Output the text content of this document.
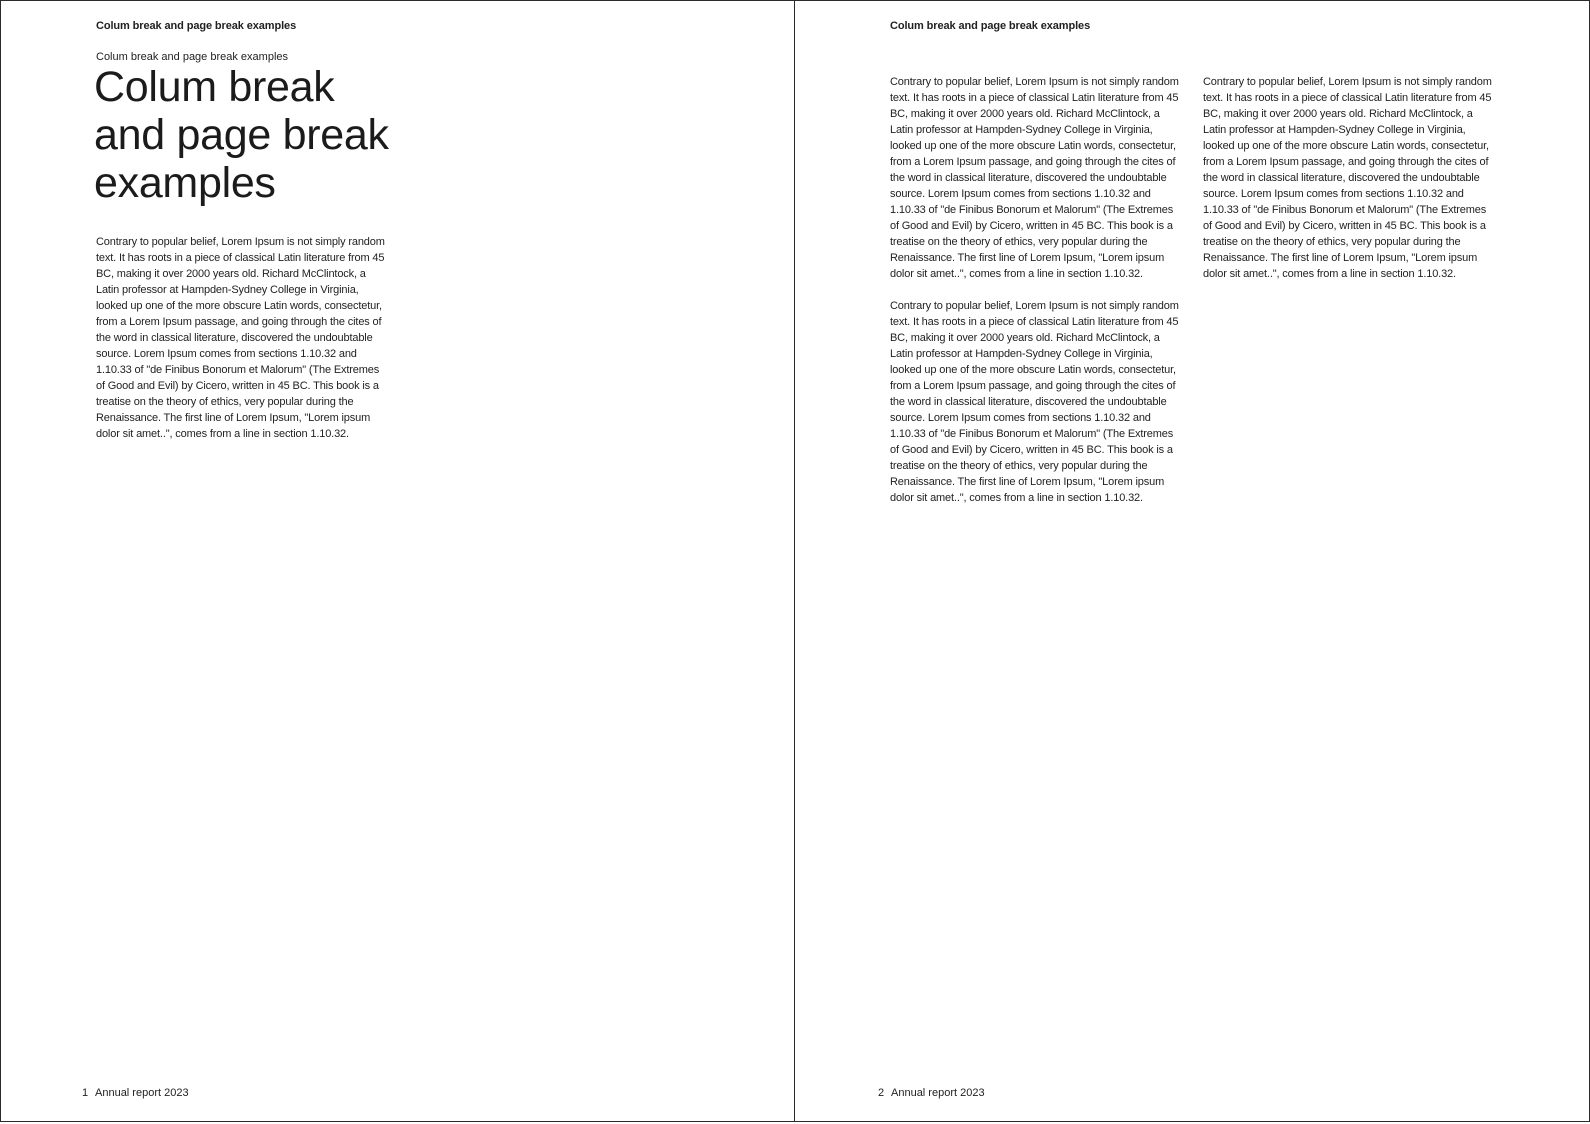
Colum break and page break examples
Colum break and page break examples
Colum break and page break examples

Contrary to popular belief, Lorem Ipsum is not simply random text. It has roots in a piece of classical Latin literature from 45 BC, making it over 2000 years old. Richard McClintock, a Latin professor at Hampden-Sydney College in Virginia, looked up one of the more obscure Latin words, consectetur, from a Lorem Ipsum passage, and going through the cites of the word in classical literature, discovered the undoubtable source. Lorem Ipsum comes from sections 1.10.32 and 1.10.33 of "de Finibus Bonorum et Malorum" (The Extremes of Good and Evil) by Cicero, written in 45 BC. This book is a treatise on the theory of ethics, very popular during the Renaissance. The first line of Lorem Ipsum, "Lorem ipsum dolor sit amet..", comes from a line in section 1.10.32.

1 Annual report 2023
Colum break and page break examples

Contrary to popular belief, Lorem Ipsum is not simply random text. It has roots in a piece of classical Latin literature from 45 BC, making it over 2000 years old. Richard McClintock, a Latin professor at Hampden-Sydney College in Virginia, looked up one of the more obscure Latin words, consectetur, from a Lorem Ipsum passage, and going through the cites of the word in classical literature, discovered the undoubtable source. Lorem Ipsum comes from sections 1.10.32 and 1.10.33 of "de Finibus Bonorum et Malorum" (The Extremes of Good and Evil) by Cicero, written in 45 BC. This book is a treatise on the theory of ethics, very popular during the Renaissance. The first line of Lorem Ipsum, "Lorem ipsum dolor sit amet..", comes from a line in section 1.10.32.

Contrary to popular belief, Lorem Ipsum is not simply random text. It has roots in a piece of classical Latin literature from 45 BC, making it over 2000 years old. Richard McClintock, a Latin professor at Hampden-Sydney College in Virginia, looked up one of the more obscure Latin words, consectetur, from a Lorem Ipsum passage, and going through the cites of the word in classical literature, discovered the undoubtable source. Lorem Ipsum comes from sections 1.10.32 and 1.10.33 of "de Finibus Bonorum et Malorum" (The Extremes of Good and Evil) by Cicero, written in 45 BC. This book is a treatise on the theory of ethics, very popular during the Renaissance. The first line of Lorem Ipsum, "Lorem ipsum dolor sit amet..", comes from a line in section 1.10.32.

Contrary to popular belief, Lorem Ipsum is not simply random text. It has roots in a piece of classical Latin literature from 45 BC, making it over 2000 years old. Richard McClintock, a Latin professor at Hampden-Sydney College in Virginia, looked up one of the more obscure Latin words, consectetur, from a Lorem Ipsum passage, and going through the cites of the word in classical literature, discovered the undoubtable source. Lorem Ipsum comes from sections 1.10.32 and 1.10.33 of "de Finibus Bonorum et Malorum" (The Extremes of Good and Evil) by Cicero, written in 45 BC. This book is a treatise on the theory of ethics, very popular during the Renaissance. The first line of Lorem Ipsum, "Lorem ipsum dolor sit amet..", comes from a line in section 1.10.32.

2 Annual report 2023
